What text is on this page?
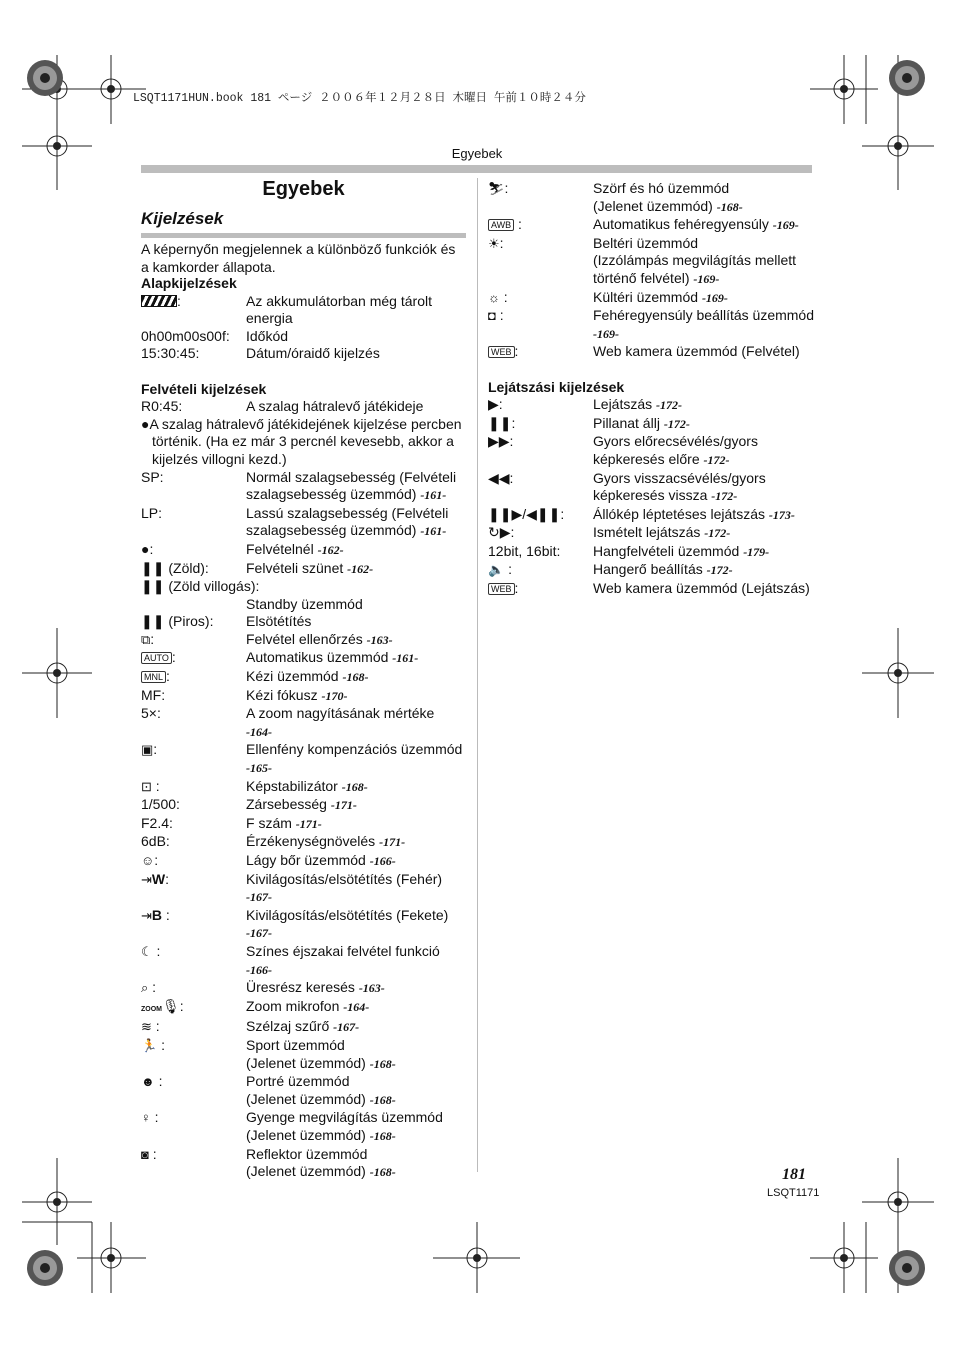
LSQT1171HUN.book 181 ページ ２００６年１２月２８日 木曜日 午前１０時２４分
Egyebek
Egyebek
Kijelzések
A képernyőn megjelennek a különböző funkciók és a kamkorder állapota.
Alapkijelzések
:	Az akkumulátorban még tárolt energia
0h00m00s00f:	Időkód
15:30:45:	Dátum/óraidő kijelzés
Felvételi kijelzések
R0:45:	A szalag hátralevő játékideje
●A szalag hátralevő játékidejének kijelzése percben történik. (Ha ez már 3 percnél kevesebb, akkor a kijelzés villogni kezd.)
SP:	Normál szalagsebesség (Felvételi szalagsebesség üzemmód) -161-
LP:	Lassú szalagsebesség (Felvételi szalagsebesség üzemmód) -161-
●:	Felvételnél -162-
❚❚ (Zöld):	Felvételi szünet -162-
❚❚ (Zöld villogás):
Standby üzemmód
❚❚ (Piros):	Elsötétítés
⧉:	Felvétel ellenőrzés -163-
AUTO :	Automatikus üzemmód -161-
MNL :	Kézi üzemmód -168-
MF:	Kézi fókusz -170-
5×:	A zoom nagyításának mértéke
-164-
▣:	Ellenfény kompenzációs üzemmód -165-
⊡ :	Képstabilizátor -168-
1/500:	Zársebesség -171-
F2.4:	F szám -171-
6dB:	Érzékenységnövelés -171-
☺:	Lágy bőr üzemmód -166-
⇥W:	Kivilágosítás/elsötétítés (Fehér)
-167-
⇥B :	Kivilágosítás/elsötétítés (Fekete)
-167-
☾ :	Színes éjszakai felvétel funkció
-166-
⌕ :	Üresrész keresés -163-
ZOOM🎙:	Zoom mikrofon -164-
≋ :	Szélzaj szűrő -167-
🏃 :	Sport üzemmód
(Jelenet üzemmód) -168-
☻ :	Portré üzemmód
(Jelenet üzemmód) -168-
♀ :	Gyenge megvilágítás üzemmód
(Jelenet üzemmód) -168-
◙ :	Reflektor üzemmód
(Jelenet üzemmód) -168-
⛷:	Szörf és hó üzemmód
(Jelenet üzemmód) -168-
AWB :	Automatikus fehéregyensúly -169-
☀:	Beltéri üzemmód
(Izzólámpás megvilágítás mellett történő felvétel) -169-
☼ :	Kültéri üzemmód -169-
◘ :	Fehéregyensúly beállítás üzemmód -169-
WEB :	Web kamera üzemmód (Felvétel)
Lejátszási kijelzések
▶:	Lejátszás -172-
❚❚:	Pillanat állj -172-
▶▶:	Gyors előrecsévélés/gyors képkeresés előre -172-
◀◀:	Gyors visszacsévélés/gyors képkeresés vissza -172-
❚❚▶/◀❚❚:	Állókép léptetéses lejátszás -173-
↻▶:	Ismételt lejátszás -172-
12bit, 16bit:	Hangfelvételi üzemmód -179-
🔈 :	Hangerő beállítás -172-
WEB :	Web kamera üzemmód (Lejátszás)
181
LSQT1171
